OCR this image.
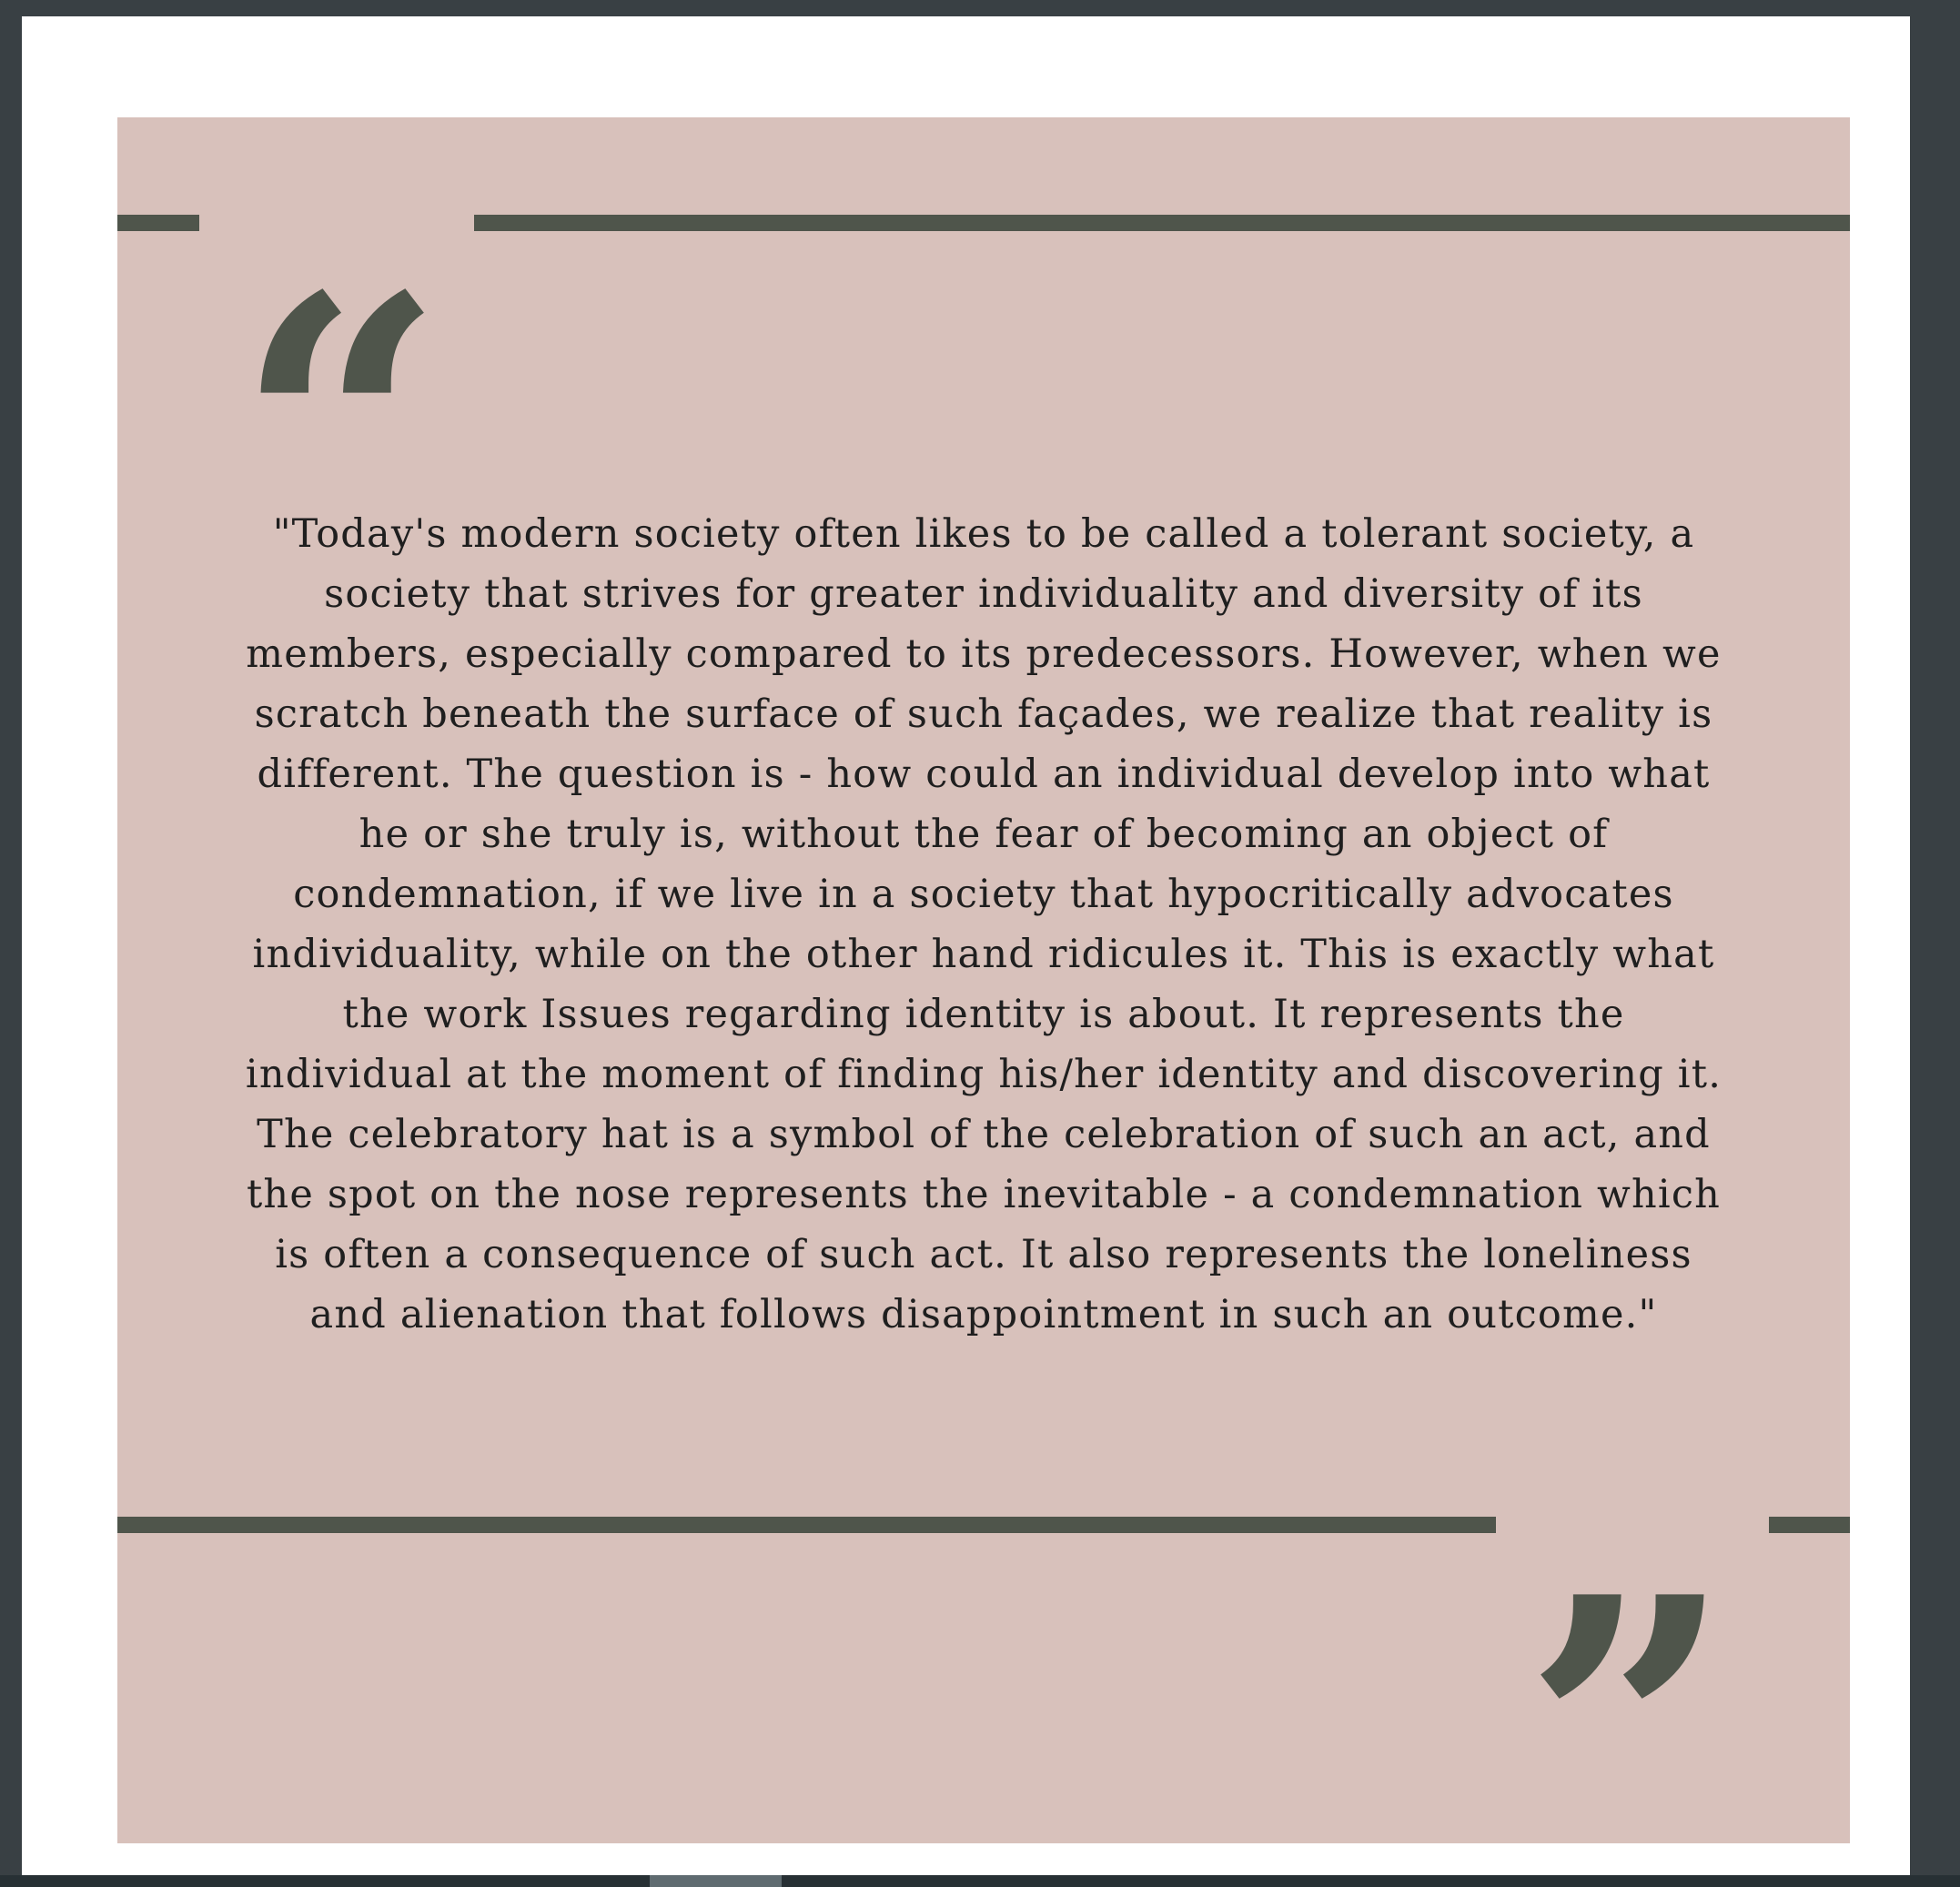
“

"Today's modern society often likes to be called a tolerant society, a society that strives for greater individuality and diversity of its members, especially compared to its predecessors. However, when we scratch beneath the surface of such façades, we realize that reality is different. The question is - how could an individual develop into what he or she truly is, without the fear of becoming an object of condemnation, if we live in a society that hypocritically advocates individuality, while on the other hand ridicules it. This is exactly what the work Issues regarding identity is about. It represents the individual at the moment of finding his/her identity and discovering it. The celebratory hat is a symbol of the celebration of such an act, and the spot on the nose represents the inevitable - a condemnation which is often a consequence of such act. It also represents the loneliness and alienation that follows disappointment in such an outcome."

”
